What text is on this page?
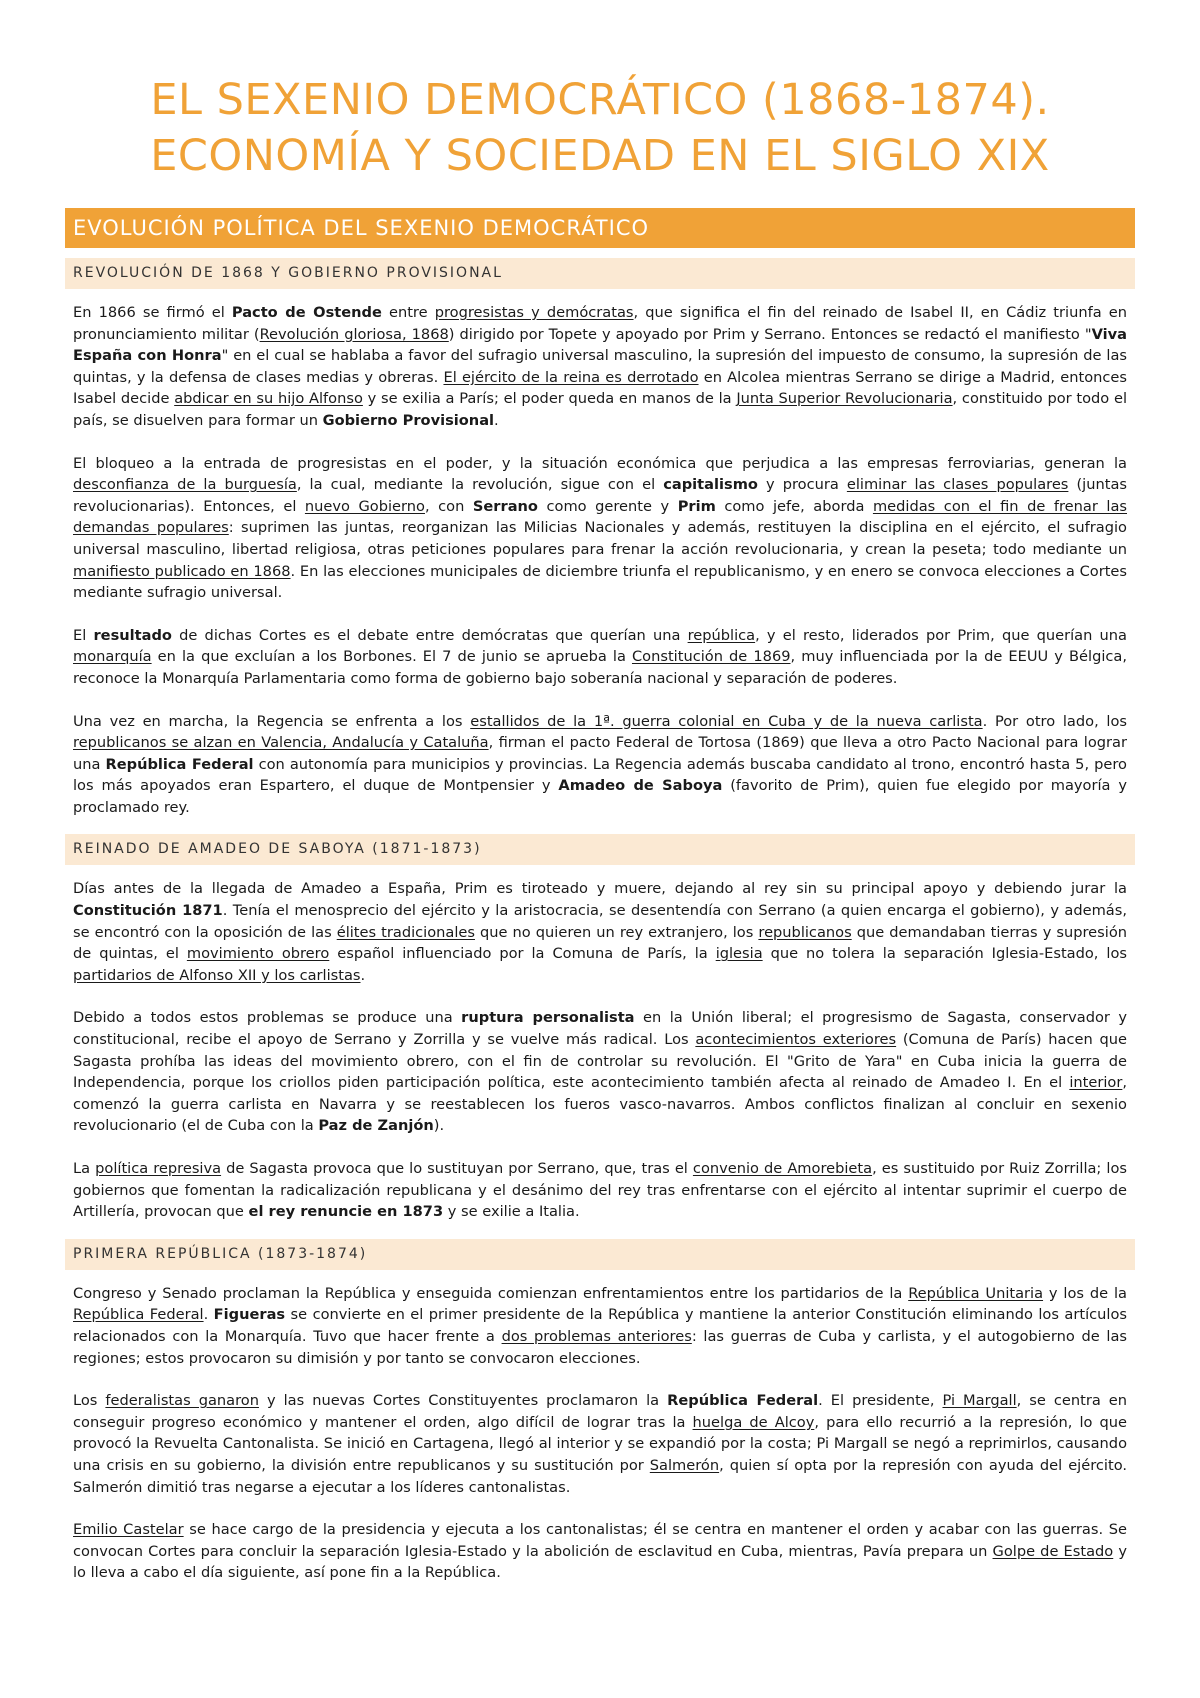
EL SEXENIO DEMOCRÁTICO (1868-1874).
ECONOMÍA Y SOCIEDAD EN EL SIGLO XIX
EVOLUCIÓN POLÍTICA DEL SEXENIO DEMOCRÁTICO
REVOLUCIÓN DE 1868 Y GOBIERNO PROVISIONAL

En 1866 se firmó el Pacto de Ostende entre progresistas y demócratas, que significa el fin del reinado de Isabel II, en Cádiz triunfa en pronunciamiento militar (Revolución gloriosa, 1868) dirigido por Topete y apoyado por Prim y Serrano. Entonces se redactó el manifiesto "Viva España con Honra" en el cual se hablaba a favor del sufragio universal masculino, la supresión del impuesto de consumo, la supresión de las quintas, y la defensa de clases medias y obreras. El ejército de la reina es derrotado en Alcolea mientras Serrano se dirige a Madrid, entonces Isabel decide abdicar en su hijo Alfonso y se exilia a París; el poder queda en manos de la Junta Superior Revolucionaria, constituido por todo el país, se disuelven para formar un Gobierno Provisional.

El bloqueo a la entrada de progresistas en el poder, y la situación económica que perjudica a las empresas ferroviarias, generan la desconfianza de la burguesía, la cual, mediante la revolución, sigue con el capitalismo y procura eliminar las clases populares (juntas revolucionarias). Entonces, el nuevo Gobierno, con Serrano como gerente y Prim como jefe, aborda medidas con el fin de frenar las demandas populares: suprimen las juntas, reorganizan las Milicias Nacionales y además, restituyen la disciplina en el ejército, el sufragio universal masculino, libertad religiosa, otras peticiones populares para frenar la acción revolucionaria, y crean la peseta; todo mediante un manifiesto publicado en 1868. En las elecciones municipales de diciembre triunfa el republicanismo, y en enero se convoca elecciones a Cortes mediante sufragio universal.

El resultado de dichas Cortes es el debate entre demócratas que querían una república, y el resto, liderados por Prim, que querían una monarquía en la que excluían a los Borbones. El 7 de junio se aprueba la Constitución de 1869, muy influenciada por la de EEUU y Bélgica, reconoce la Monarquía Parlamentaria como forma de gobierno bajo soberanía nacional y separación de poderes.

Una vez en marcha, la Regencia se enfrenta a los estallidos de la 1ª. guerra colonial en Cuba y de la nueva carlista. Por otro lado, los republicanos se alzan en Valencia, Andalucía y Cataluña, firman el pacto Federal de Tortosa (1869) que lleva a otro Pacto Nacional para lograr una República Federal con autonomía para municipios y provincias. La Regencia además buscaba candidato al trono, encontró hasta 5, pero los más apoyados eran Espartero, el duque de Montpensier y Amadeo de Saboya (favorito de Prim), quien fue elegido por mayoría y proclamado rey.

REINADO DE AMADEO DE SABOYA (1871-1873)

Días antes de la llegada de Amadeo a España, Prim es tiroteado y muere, dejando al rey sin su principal apoyo y debiendo jurar la Constitución 1871. Tenía el menosprecio del ejército y la aristocracia, se desentendía con Serrano (a quien encarga el gobierno), y además, se encontró con la oposición de las élites tradicionales que no quieren un rey extranjero, los republicanos que demandaban tierras y supresión de quintas, el movimiento obrero español influenciado por la Comuna de París, la iglesia que no tolera la separación Iglesia-Estado, los partidarios de Alfonso XII y los carlistas.

Debido a todos estos problemas se produce una ruptura personalista en la Unión liberal; el progresismo de Sagasta, conservador y constitucional, recibe el apoyo de Serrano y Zorrilla y se vuelve más radical. Los acontecimientos exteriores (Comuna de París) hacen que Sagasta prohíba las ideas del movimiento obrero, con el fin de controlar su revolución. El "Grito de Yara" en Cuba inicia la guerra de Independencia, porque los criollos piden participación política, este acontecimiento también afecta al reinado de Amadeo I. En el interior, comenzó la guerra carlista en Navarra y se reestablecen los fueros vasco-navarros. Ambos conflictos finalizan al concluir en sexenio revolucionario (el de Cuba con la Paz de Zanjón).

La política represiva de Sagasta provoca que lo sustituyan por Serrano, que, tras el convenio de Amorebieta, es sustituido por Ruiz Zorrilla; los gobiernos que fomentan la radicalización republicana y el desánimo del rey tras enfrentarse con el ejército al intentar suprimir el cuerpo de Artillería, provocan que el rey renuncie en 1873 y se exilie a Italia.

PRIMERA REPÚBLICA (1873-1874)

Congreso y Senado proclaman la República y enseguida comienzan enfrentamientos entre los partidarios de la República Unitaria y los de la República Federal. Figueras se convierte en el primer presidente de la República y mantiene la anterior Constitución eliminando los artículos relacionados con la Monarquía. Tuvo que hacer frente a dos problemas anteriores: las guerras de Cuba y carlista, y el autogobierno de las regiones; estos provocaron su dimisión y por tanto se convocaron elecciones.

Los federalistas ganaron y las nuevas Cortes Constituyentes proclamaron la República Federal. El presidente, Pi Margall, se centra en conseguir progreso económico y mantener el orden, algo difícil de lograr tras la huelga de Alcoy, para ello recurrió a la represión, lo que provocó la Revuelta Cantonalista. Se inició en Cartagena, llegó al interior y se expandió por la costa; Pi Margall se negó a reprimirlos, causando una crisis en su gobierno, la división entre republicanos y su sustitución por Salmerón, quien sí opta por la represión con ayuda del ejército. Salmerón dimitió tras negarse a ejecutar a los líderes cantonalistas.

Emilio Castelar se hace cargo de la presidencia y ejecuta a los cantonalistas; él se centra en mantener el orden y acabar con las guerras. Se convocan Cortes para concluir la separación Iglesia-Estado y la abolición de esclavitud en Cuba, mientras, Pavía prepara un Golpe de Estado y lo lleva a cabo el día siguiente, así pone fin a la República.
